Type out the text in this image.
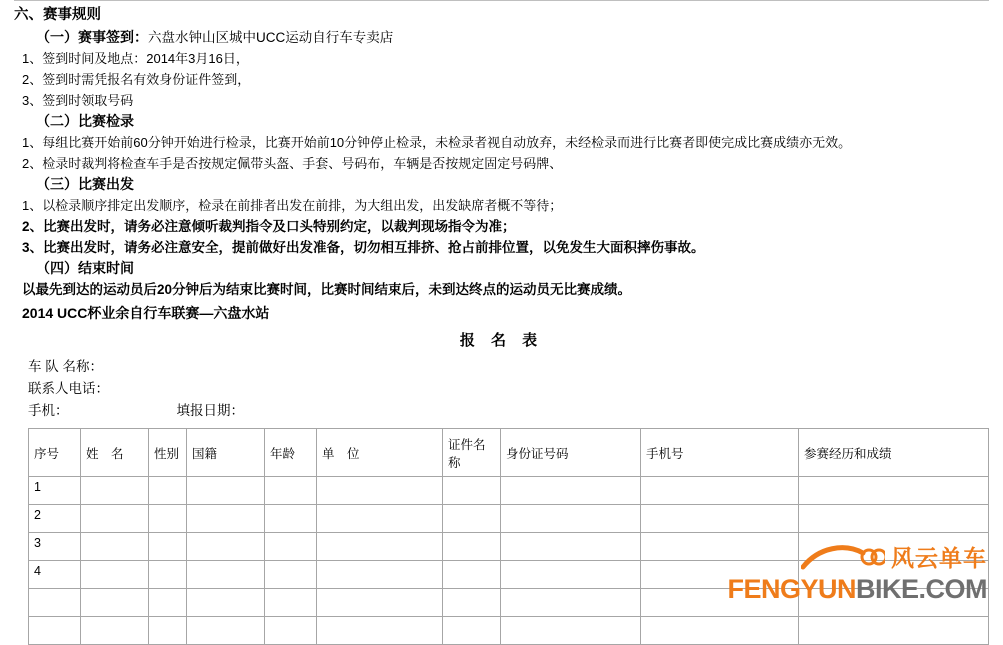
六、赛事规则
（一）赛事签到：六盘水钟山区城中UCC运动自行车专卖店
1、签到时间及地点：2014年3月16日，
2、签到时需凭报名有效身份证件签到，
3、签到时领取号码
（二）比赛检录
1、每组比赛开始前60分钟开始进行检录，比赛开始前10分钟停止检录，未检录者视自动放弃，未经检录而进行比赛者即使完成比赛成绩亦无效。
2、检录时裁判将检查车手是否按规定佩带头盔、手套、号码布，车辆是否按规定固定号码牌、
（三）比赛出发
1、以检录顺序排定出发顺序，检录在前排者出发在前排，为大组出发，出发缺席者概不等待；
2、比赛出发时，请务必注意倾听裁判指令及口头特别约定，以裁判现场指令为准；
3、比赛出发时，请务必注意安全，提前做好出发准备，切勿相互排挤、抢占前排位置，以免发生大面积摔伤事故。
（四）结束时间
以最先到达的运动员后20分钟后为结束比赛时间，比赛时间结束后，未到达终点的运动员无比赛成绩。
2014 UCC杯业余自行车联赛—六盘水站
报 名 表
车 队 名称：
联系人电话：
手机：	填报日期：
序号	姓　名	性别	国籍	年龄	单　位	证件名称	身份证号码	手机号	参赛经历和成绩
1									
2									
3									
4									

										风云单车
FENGYUNBIKE.COM
